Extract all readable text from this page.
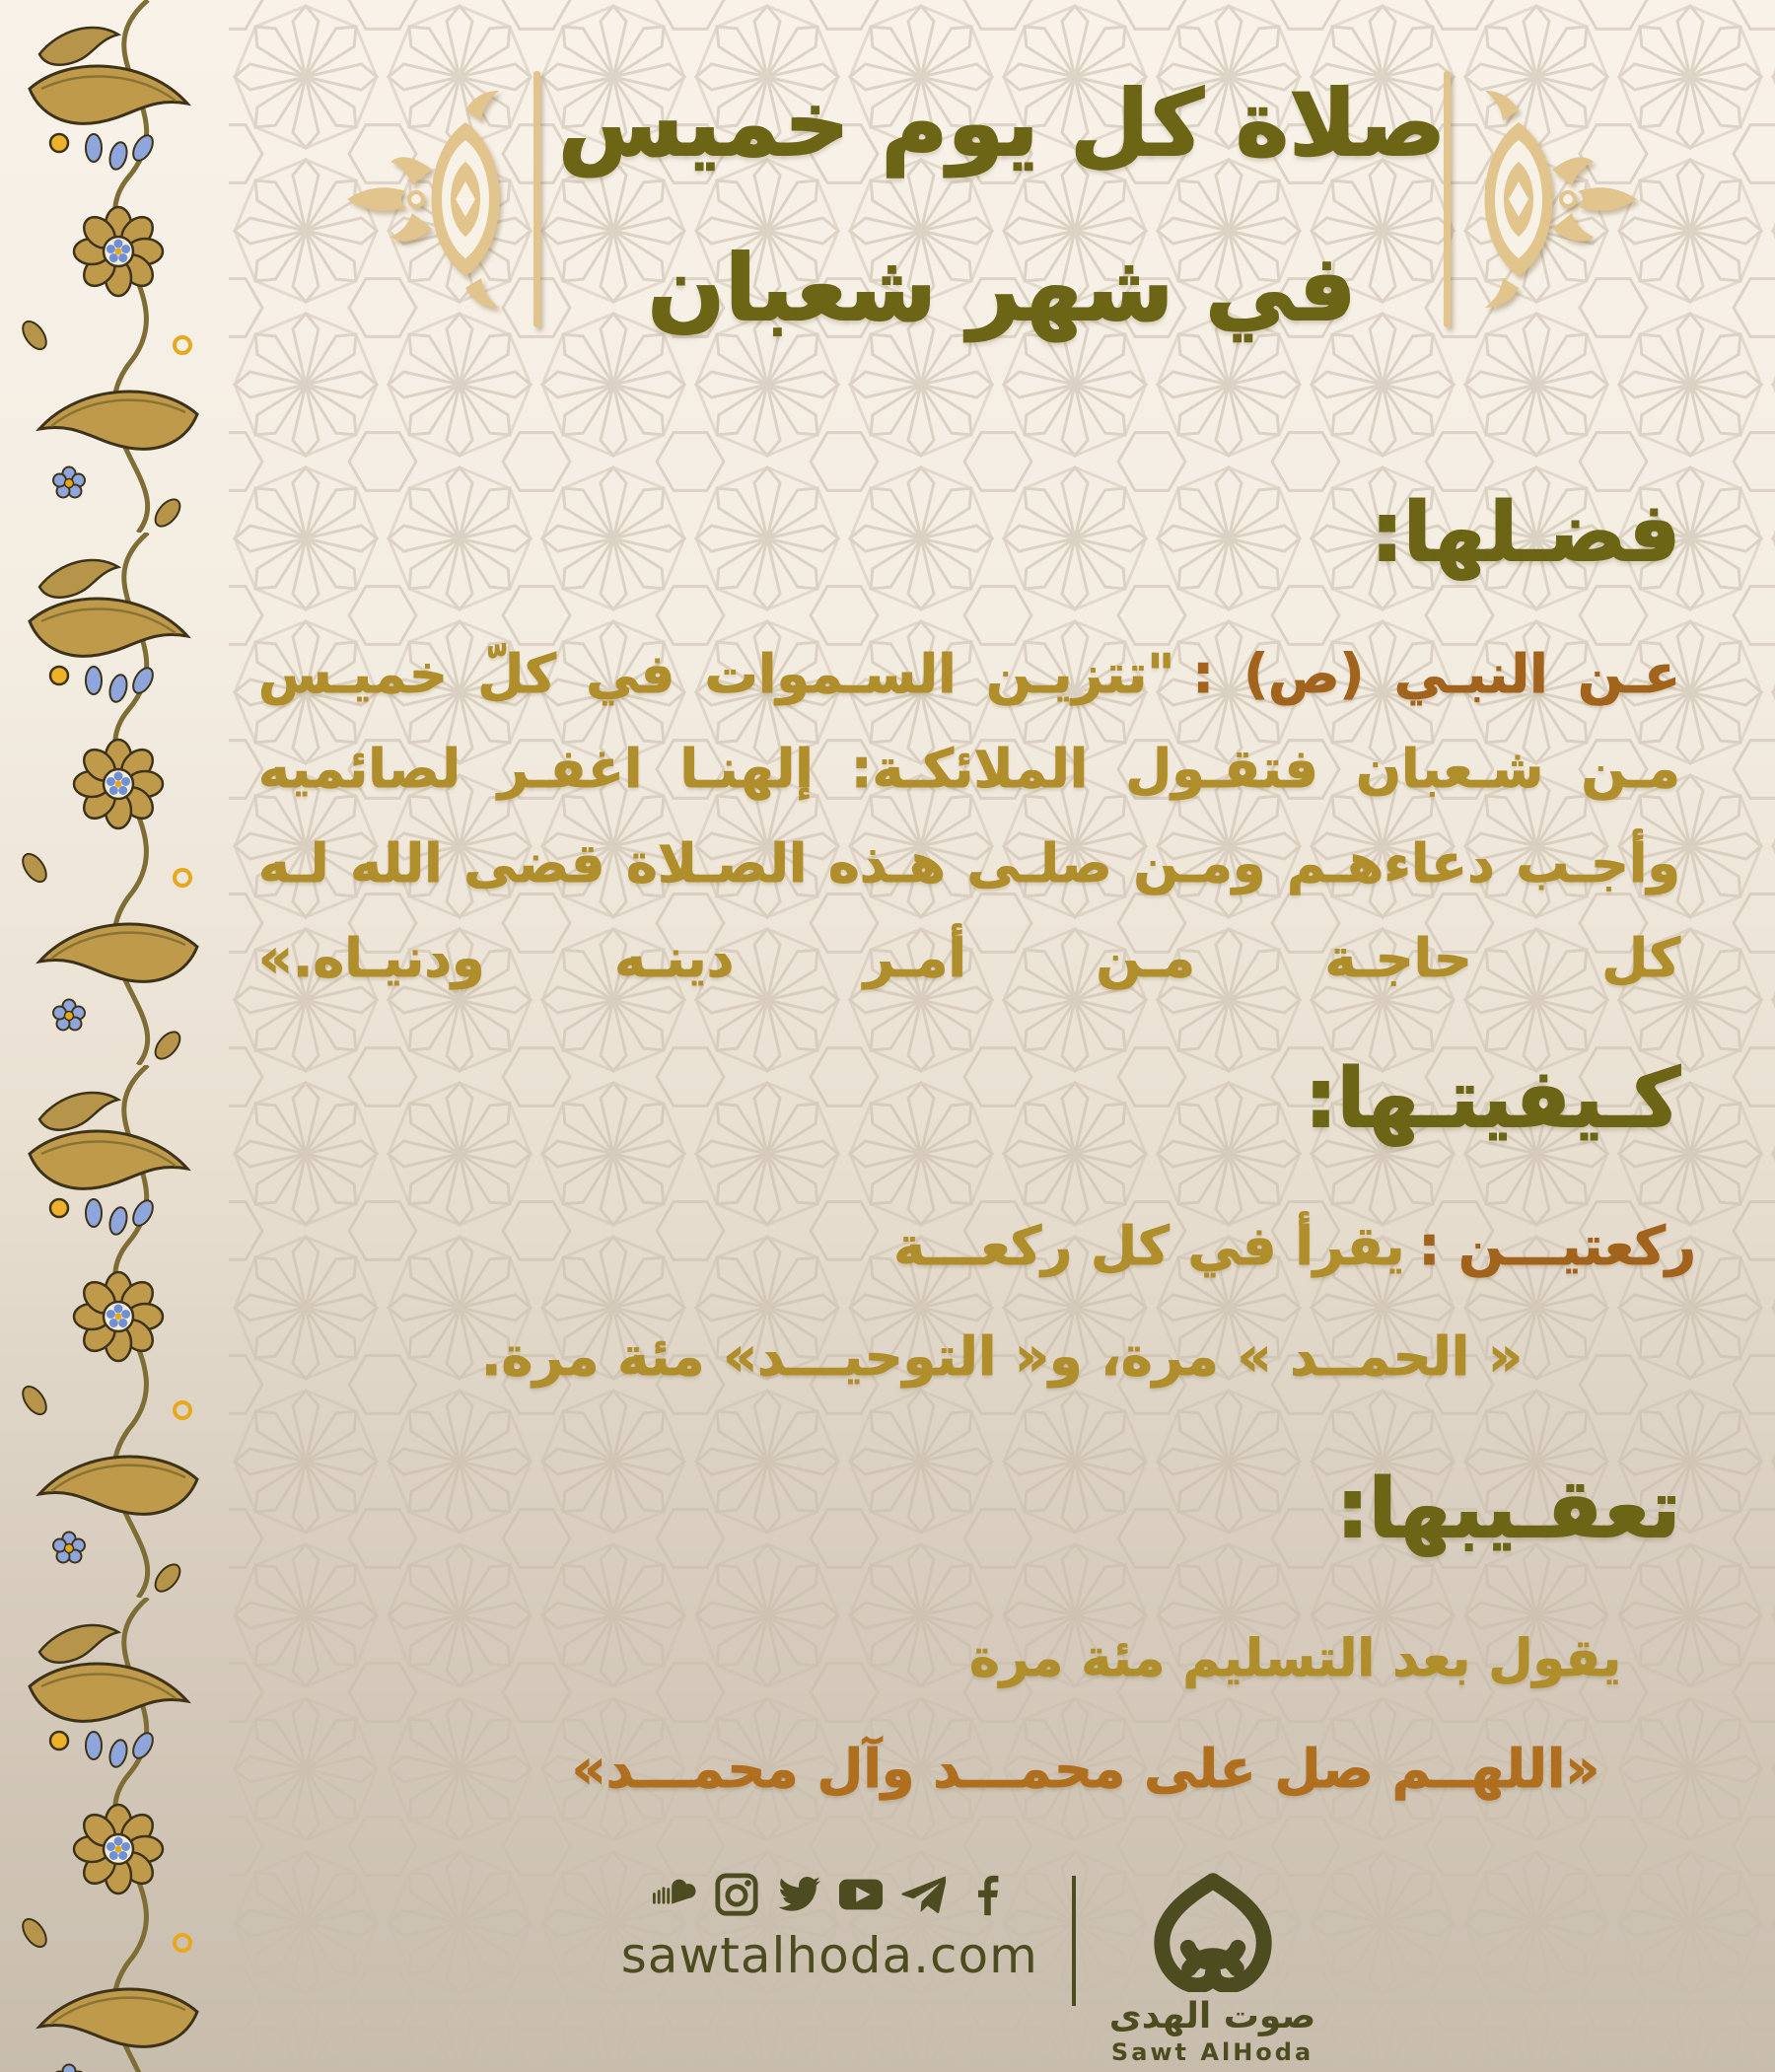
صلاة كل يوم خميس
في شهر شعبان
فضـلها:

عـن النبـي (ص) :"تتزيـن السـموات في كلّ خميـس مـن شـعبان فتقـول الملائكـة: إلهنـا اغفـر لصائميه وأجـب دعاءهـم ومـن صلـى هـذه الصـلاة قضى الله لـه كل حاجـة مـن أمـر دينـه ودنيـاه.»

كـيفيتـها:
ركعتيـــن :يقرأ في كل ركعـــة
« الحمــد » مرة، و« التوحيـــد» مئة مرة.
تعقـيبها:
يقول بعد التسليم مئة مرة
«اللهــم صل على محمـــد وآل محمـــد»
sawtalhoda.com
صوت الهدى
Sawt AlHoda
